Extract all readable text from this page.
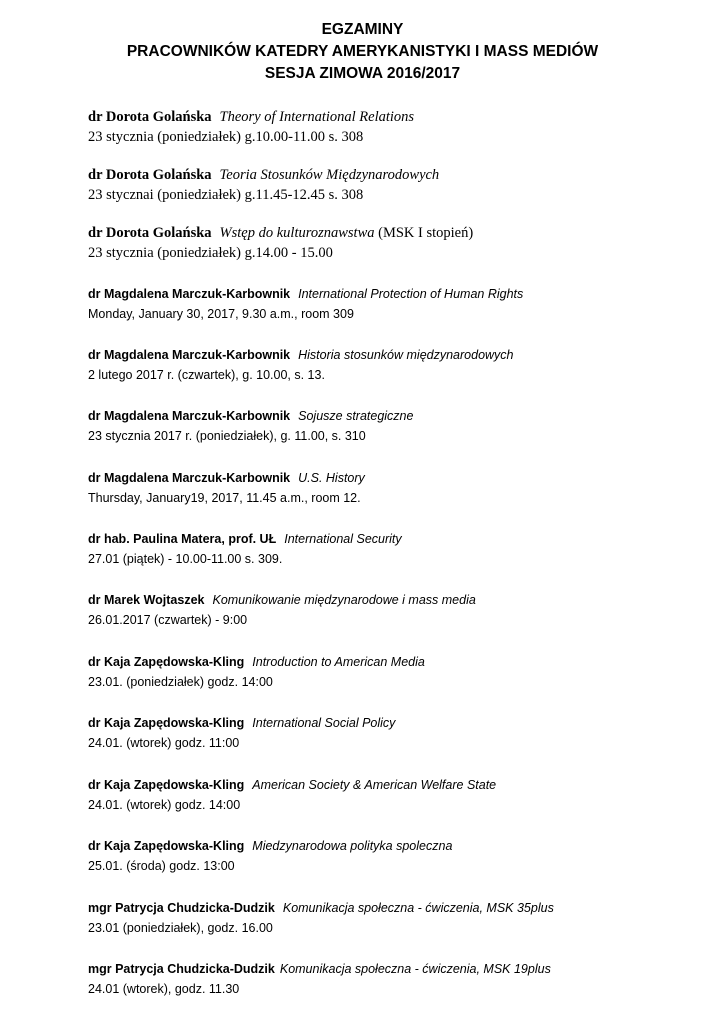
EGZAMINY
PRACOWNIKÓW KATEDRY AMERYKANISTYKI I MASS MEDIÓW
SESJA ZIMOWA 2016/2017
dr Dorota Golańska Theory of International Relations
23 stycznia (poniedziałek) g.10.00-11.00 s. 308
dr Dorota Golańska Teoria Stosunków Międzynarodowych
23 stycznai (poniedziałek) g.11.45-12.45 s. 308
dr Dorota Golańska Wstęp do kulturoznawstwa (MSK I stopień)
23 stycznia (poniedziałek) g.14.00 - 15.00
dr Magdalena Marczuk-Karbownik International Protection of Human Rights
Monday, January 30, 2017, 9.30 a.m., room 309
dr Magdalena Marczuk-Karbownik Historia stosunków międzynarodowych
2 lutego 2017 r. (czwartek), g. 10.00, s. 13.
dr Magdalena Marczuk-Karbownik Sojusze strategiczne
23 stycznia 2017 r. (poniedziałek), g. 11.00, s. 310
dr Magdalena Marczuk-Karbownik U.S. History
Thursday, January19, 2017, 11.45 a.m., room 12.
dr hab. Paulina Matera, prof. UŁ International Security
27.01 (piątek) - 10.00-11.00 s. 309.
dr Marek Wojtaszek Komunikowanie międzynarodowe i mass media
26.01.2017 (czwartek) - 9:00
dr Kaja Zapędowska-Kling Introduction to American Media
23.01. (poniedziałek) godz. 14:00
dr Kaja Zapędowska-Kling International Social Policy
24.01. (wtorek) godz. 11:00
dr Kaja Zapędowska-Kling American Society & American Welfare State
24.01. (wtorek) godz. 14:00
dr Kaja Zapędowska-Kling Miedzynarodowa polityka spoleczna
25.01. (środa) godz. 13:00
mgr Patrycja Chudzicka-Dudzik Komunikacja społeczna - ćwiczenia, MSK 35plus
23.01 (poniedziałek), godz. 16.00
mgr Patrycja Chudzicka-Dudzik Komunikacja społeczna - ćwiczenia, MSK 19plus
24.01 (wtorek), godz. 11.30
